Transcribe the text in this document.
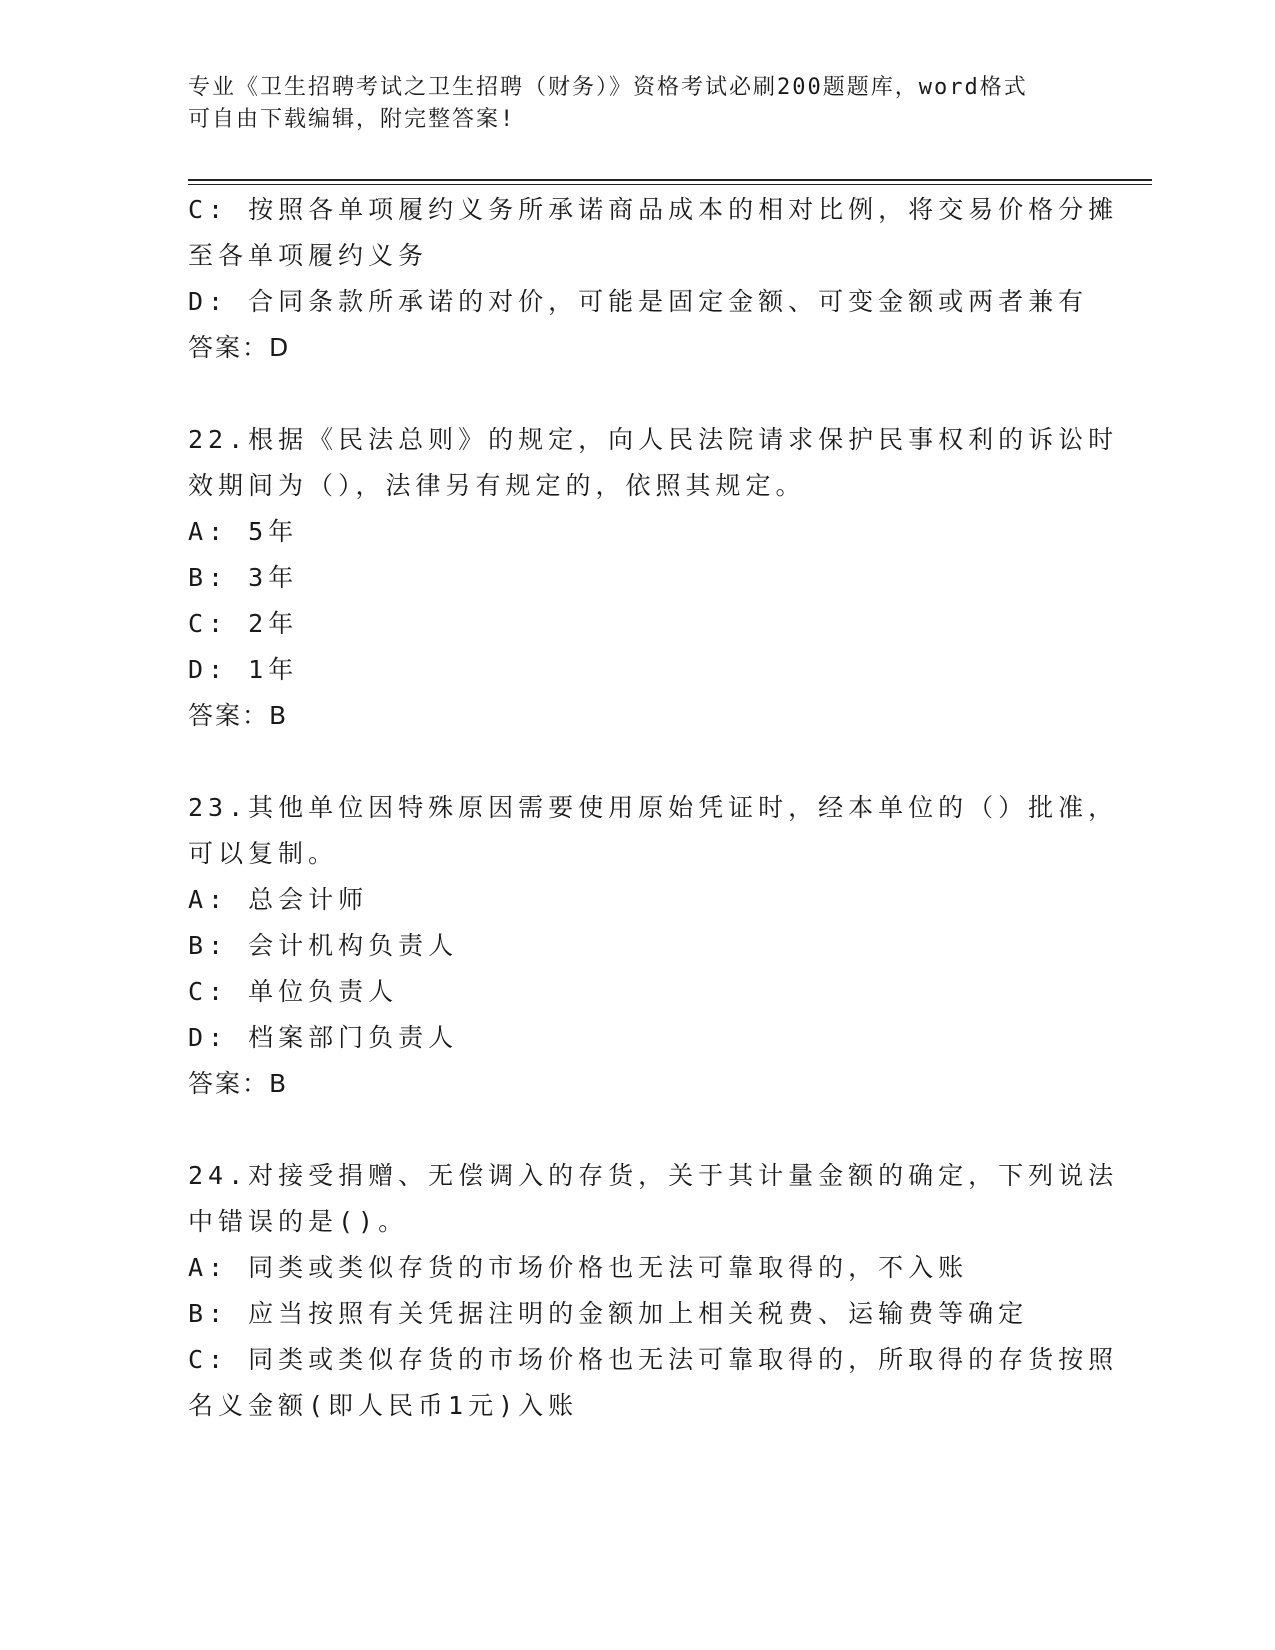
专业《卫生招聘考试之卫生招聘（财务）》资格考试必刷200题题库，word格式
可自由下载编辑，附完整答案!
C: 按照各单项履约义务所承诺商品成本的相对比例，将交易价格分摊
至各单项履约义务
D: 合同条款所承诺的对价，可能是固定金额、可变金额或两者兼有
答案：D
22.根据《民法总则》的规定，向人民法院请求保护民事权利的诉讼时
效期间为（），法律另有规定的，依照其规定。
A: 5年
B: 3年
C: 2年
D: 1年
答案：B
23.其他单位因特殊原因需要使用原始凭证时，经本单位的（）批准，
可以复制。
A: 总会计师
B: 会计机构负责人
C: 单位负责人
D: 档案部门负责人
答案：B
24.对接受捐赠、无偿调入的存货，关于其计量金额的确定，下列说法
中错误的是()。
A: 同类或类似存货的市场价格也无法可靠取得的，不入账
B: 应当按照有关凭据注明的金额加上相关税费、运输费等确定
C: 同类或类似存货的市场价格也无法可靠取得的，所取得的存货按照
名义金额(即人民币1元)入账
